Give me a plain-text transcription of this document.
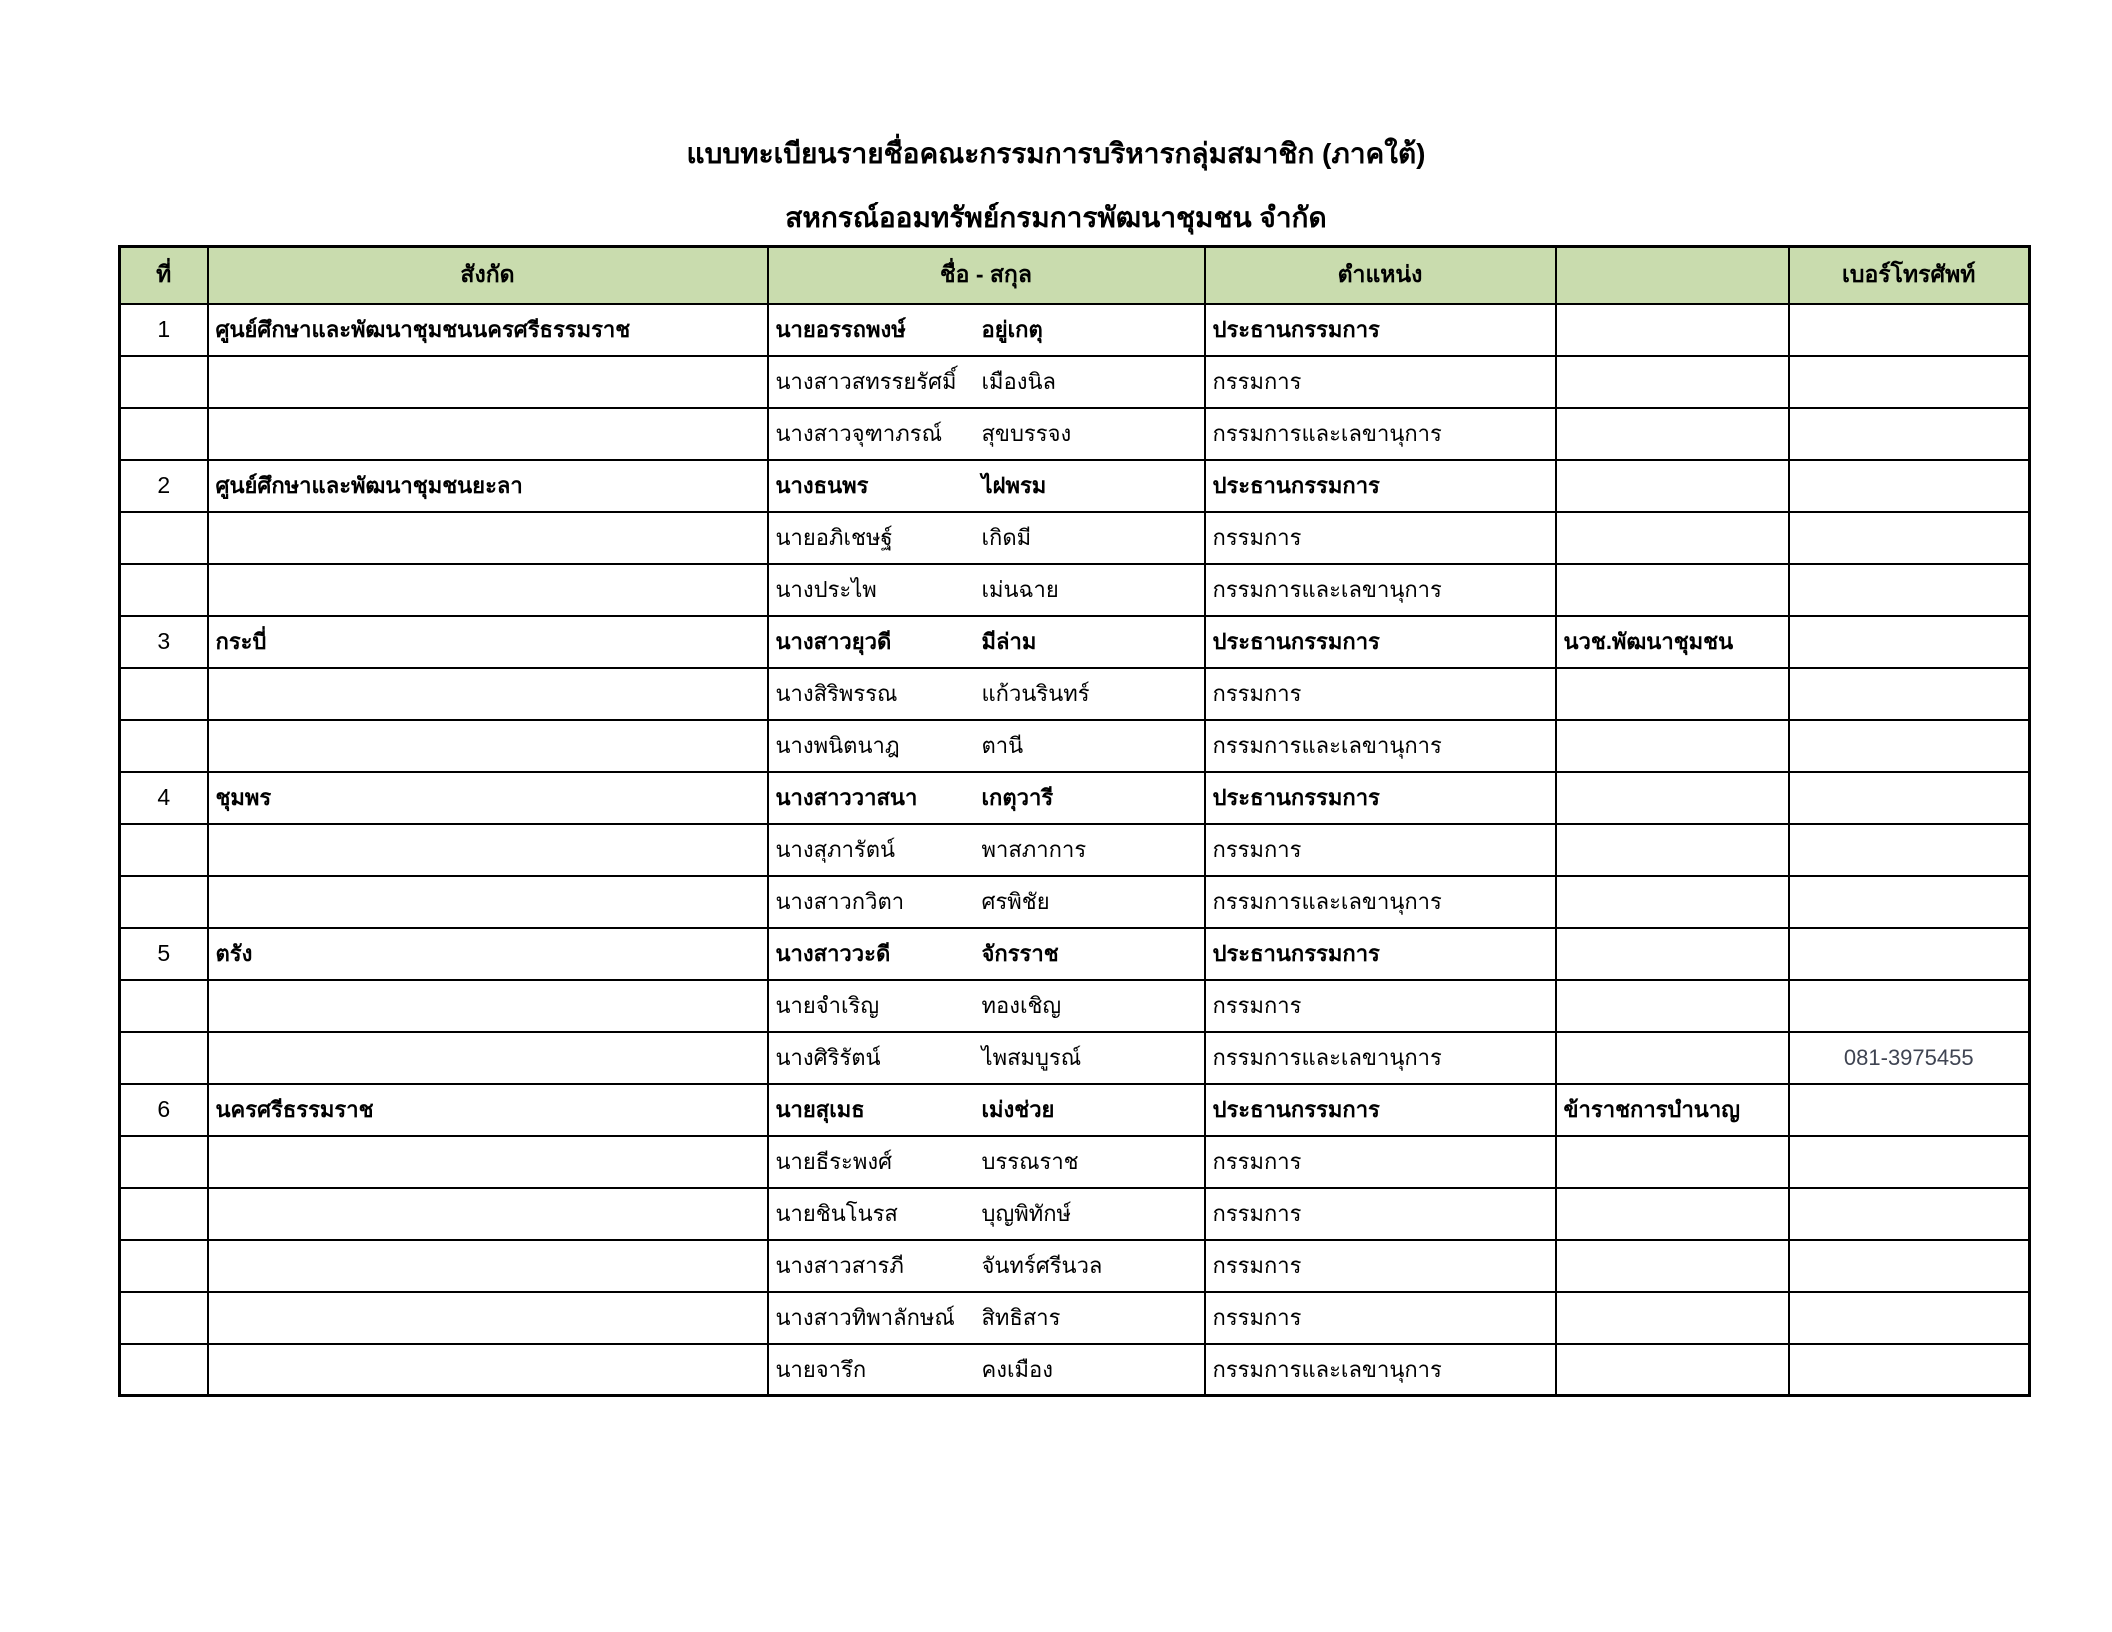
แบบทะเบียนรายชื่อคณะกรรมการบริหารกลุ่มสมาชิก (ภาคใต้)
สหกรณ์ออมทรัพย์กรมการพัฒนาชุมชน จำกัด
ที่	สังกัด	ชื่อ - สกุล	ตำแหน่ง		เบอร์โทรศัพท์
1	ศูนย์ศึกษาและพัฒนาชุมชนนครศรีธรรมราช	นายอรรถพงษ์ อยู่เกตุ	ประธานกรรมการ		

		นางสาวสทรรยรัศมิ์ เมืองนิล	กรรมการ		

		นางสาวจุฑาภรณ์ สุขบรรจง	กรรมการและเลขานุการ		
2	ศูนย์ศึกษาและพัฒนาชุมชนยะลา	นางธนพร ไฝพรม	ประธานกรรมการ		

		นายอภิเชษฐ์ เกิดมี	กรรมการ		

		นางประไพ เม่นฉาย	กรรมการและเลขานุการ		
3	กระบี่	นางสาวยุวดี มีล่าม	ประธานกรรมการ	นวช.พัฒนาชุมชน	

		นางสิริพรรณ แก้วนรินทร์	กรรมการ		

		นางพนิตนาฎ ตานี	กรรมการและเลขานุการ		
4	ชุมพร	นางสาววาสนา เกตุวารี	ประธานกรรมการ		

		นางสุภารัตน์ พาสภาการ	กรรมการ		

		นางสาวกวิตา ศรพิชัย	กรรมการและเลขานุการ		
5	ตรัง	นางสาววะดี จักรราช	ประธานกรรมการ		

		นายจำเริญ ทองเชิญ	กรรมการ		

		นางศิริรัตน์ ไพสมบูรณ์	กรรมการและเลขานุการ		081-3975455
6	นครศรีธรรมราช	นายสุเมธ เม่งช่วย	ประธานกรรมการ	ข้าราชการบำนาญ	

		นายธีระพงศ์ บรรณราช	กรรมการ		

		นายชินโนรส บุญพิทักษ์	กรรมการ		

		นางสาวสารภี จันทร์ศรีนวล	กรรมการ		

		นางสาวทิพาลักษณ์ สิทธิสาร	กรรมการ		

		นายจารึก คงเมือง	กรรมการและเลขานุการ		
